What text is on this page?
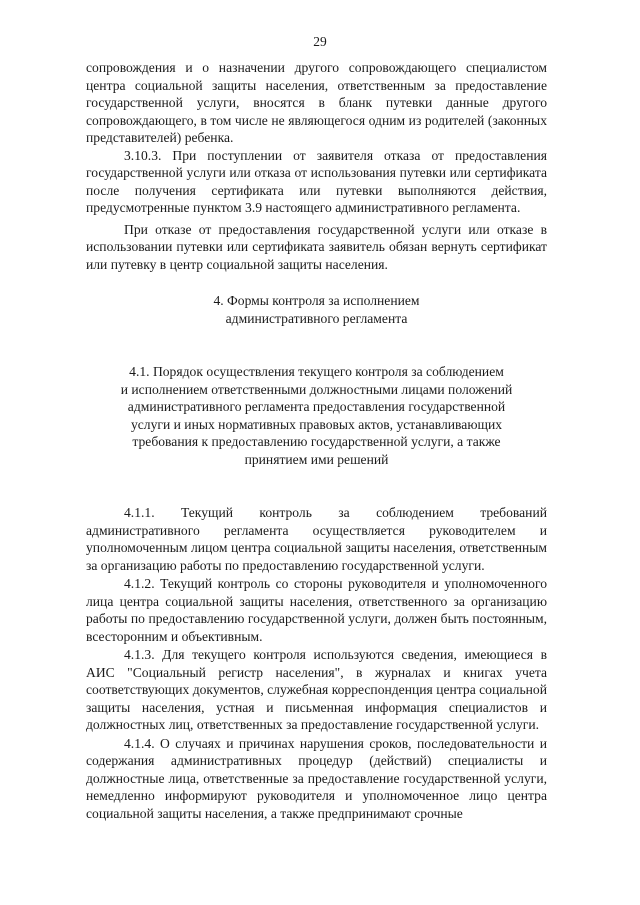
29

сопровождения и о назначении другого сопровождающего специалистом центра социальной защиты населения, ответственным за предоставление государственной услуги, вносятся в бланк путевки данные другого сопровождающего, в том числе не являющегося одним из родителей (законных представителей) ребенка.

3.10.3. При поступлении от заявителя отказа от предоставления государственной услуги или отказа от использования путевки или сертификата после получения сертификата или путевки выполняются действия, предусмотренные пунктом 3.9 настоящего административного регламента.

При отказе от предоставления государственной услуги или отказе в использовании путевки или сертификата заявитель обязан вернуть сертификат или путевку в центр социальной защиты населения.

4. Формы контроля за исполнением

административного регламента

4.1. Порядок осуществления текущего контроля за соблюдением

и исполнением ответственными должностными лицами положений

административного регламента предоставления государственной

услуги и иных нормативных правовых актов, устанавливающих

требования к предоставлению государственной услуги, а также

принятием ими решений

4.1.1. Текущий контроль за соблюдением требований административного регламента осуществляется руководителем и уполномоченным лицом центра социальной защиты населения, ответственным за организацию работы по предоставлению государственной услуги.

4.1.2. Текущий контроль со стороны руководителя и уполномоченного лица центра социальной защиты населения, ответственного за организацию работы по предоставлению государственной услуги, должен быть постоянным, всесторонним и объективным.

4.1.3. Для текущего контроля используются сведения, имеющиеся в АИС "Социальный регистр населения", в журналах и книгах учета соответствующих документов, служебная корреспонденция центра социальной защиты населения, устная и письменная информация специалистов и должностных лиц, ответственных за предоставление государственной услуги.

4.1.4. О случаях и причинах нарушения сроков, последовательности и содержания административных процедур (действий) специалисты и должностные лица, ответственные за предоставление государственной услуги, немедленно информируют руководителя и уполномоченное лицо центра социальной защиты населения, а также предпринимают срочные
